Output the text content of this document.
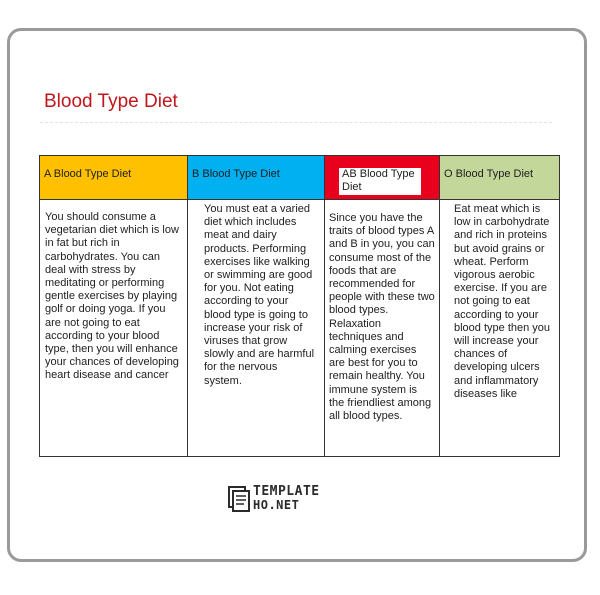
Blood Type Diet
A Blood Type Diet
You should consume a vegetarian diet which is low in fat but rich in carbohydrates. You can deal with stress by meditating or performing gentle exercises by playing golf or doing yoga. If you are not going to eat according to your blood type, then you will enhance your chances of developing heart disease and cancer
B Blood Type Diet
You must eat a varied diet which includes meat and dairy products. Performing exercises like walking or swimming are good for you. Not eating according to your blood type is going to increase your risk of viruses that grow slowly and are harmful for the nervous system.
AB Blood Type Diet
Since you have the traits of blood types A and B in you, you can consume most of the foods that are recommended for people with these two blood types. Relaxation techniques and calming exercises are best for you to remain healthy. You immune system is the friendliest among all blood types.
O Blood Type Diet
Eat meat which is low in carbohydrate and rich in proteins but avoid grains or wheat. Perform vigorous aerobic exercise. If you are not going to eat according to your blood type then you will increase your chances of developing ulcers and inflammatory diseases like
TEMPLATE
HO.NET
